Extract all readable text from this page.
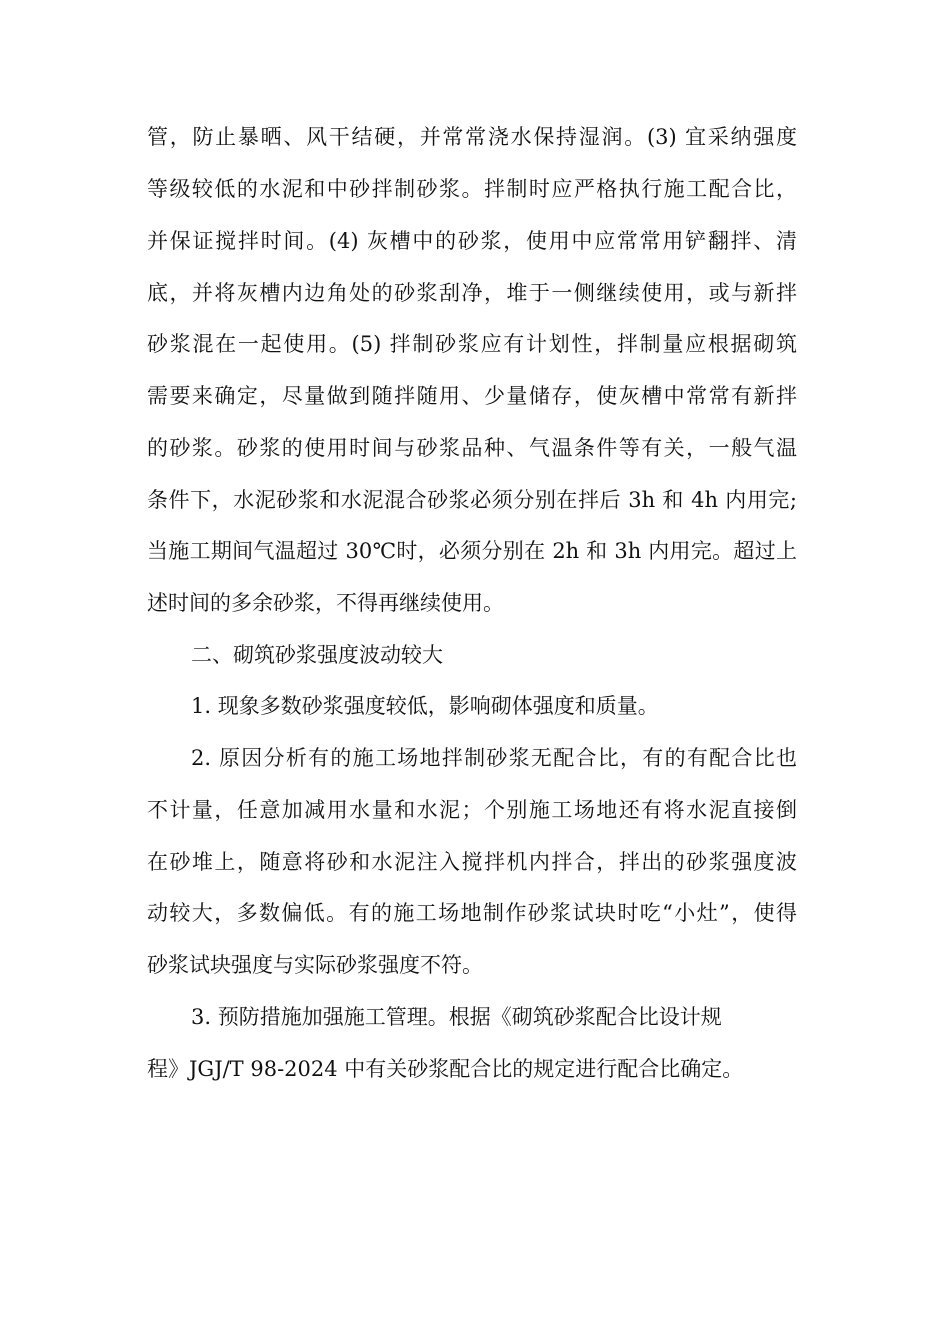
管，防止暴晒、风干结硬，并常常浇水保持湿润。(3) 宜采纳强度
等级较低的水泥和中砂拌制砂浆。拌制时应严格执行施工配合比，
并保证搅拌时间。(4) 灰槽中的砂浆，使用中应常常用铲翻拌、清
底，并将灰槽内边角处的砂浆刮净，堆于一侧继续使用，或与新拌
砂浆混在一起使用。(5) 拌制砂浆应有计划性，拌制量应根据砌筑
需要来确定，尽量做到随拌随用、少量储存，使灰槽中常常有新拌
的砂浆。砂浆的使用时间与砂浆品种、气温条件等有关，一般气温
条件下，水泥砂浆和水泥混合砂浆必须分别在拌后 3h 和 4h 内用完;
当施工期间气温超过 30℃时，必须分别在 2h 和 3h 内用完。超过上
述时间的多余砂浆，不得再继续使用。
二、砌筑砂浆强度波动较大
1. 现象多数砂浆强度较低，影响砌体强度和质量。
2. 原因分析有的施工场地拌制砂浆无配合比，有的有配合比也
不计量，任意加减用水量和水泥；个别施工场地还有将水泥直接倒
在砂堆上，随意将砂和水泥注入搅拌机内拌合，拌出的砂浆强度波
动较大，多数偏低。有的施工场地制作砂浆试块时吃“小灶”，使得
砂浆试块强度与实际砂浆强度不符。
3. 预防措施加强施工管理。根据《砌筑砂浆配合比设计规
程》JGJ/T 98-2024 中有关砂浆配合比的规定进行配合比确定。
